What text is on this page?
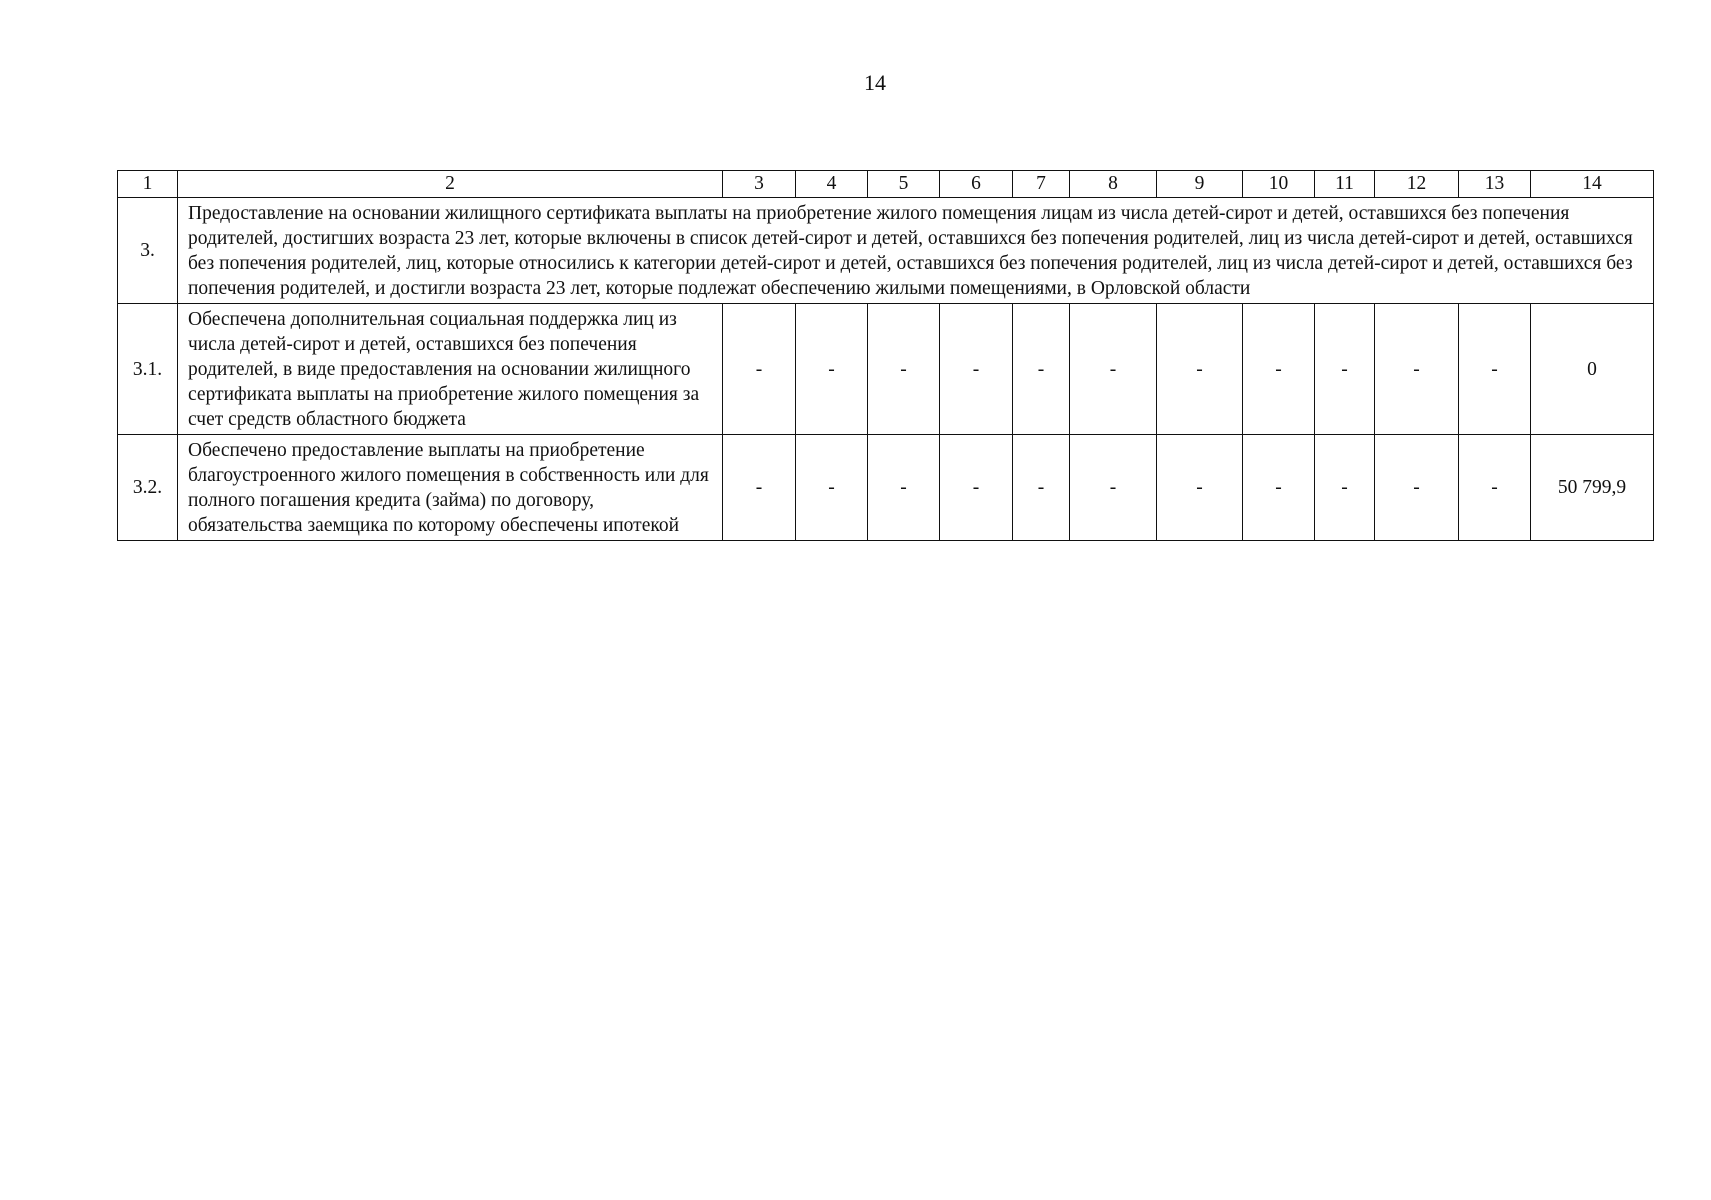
14
1	2	3	4	5	6	7	8	9	10	11	12	13	14
3.	Предоставление на основании жилищного сертификата выплаты на приобретение жилого помещения лицам из числа детей-сирот и детей, оставшихся без попечения родителей, достигших возраста 23 лет, которые включены в список детей-сирот и детей, оставшихся без попечения родителей, лиц из числа детей-сирот и детей, оставшихся без попечения родителей, лиц, которые относились к категории детей-сирот и детей, оставшихся без попечения родителей, лиц из числа детей-сирот и детей, оставшихся без попечения родителей, и достигли возраста 23 лет, которые подлежат обеспечению жилыми помещениями, в Орловской области												
3.1.	Обеспечена дополнительная социальная поддержка лиц из числа детей-сирот и детей, оставшихся без попечения родителей, в виде предоставления на основании жилищного сертификата выплаты на приобретение жилого помещения за счет средств областного бюджета	-	-	-	-	-	-	-	-	-	-	-	0
3.2.	Обеспечено предоставление выплаты на приобретение благоустроенного жилого помещения в собственность или для полного погашения кредита (займа) по договору, обязательства заемщика по которому обеспечены ипотекой	-	-	-	-	-	-	-	-	-	-	-	50 799,9
